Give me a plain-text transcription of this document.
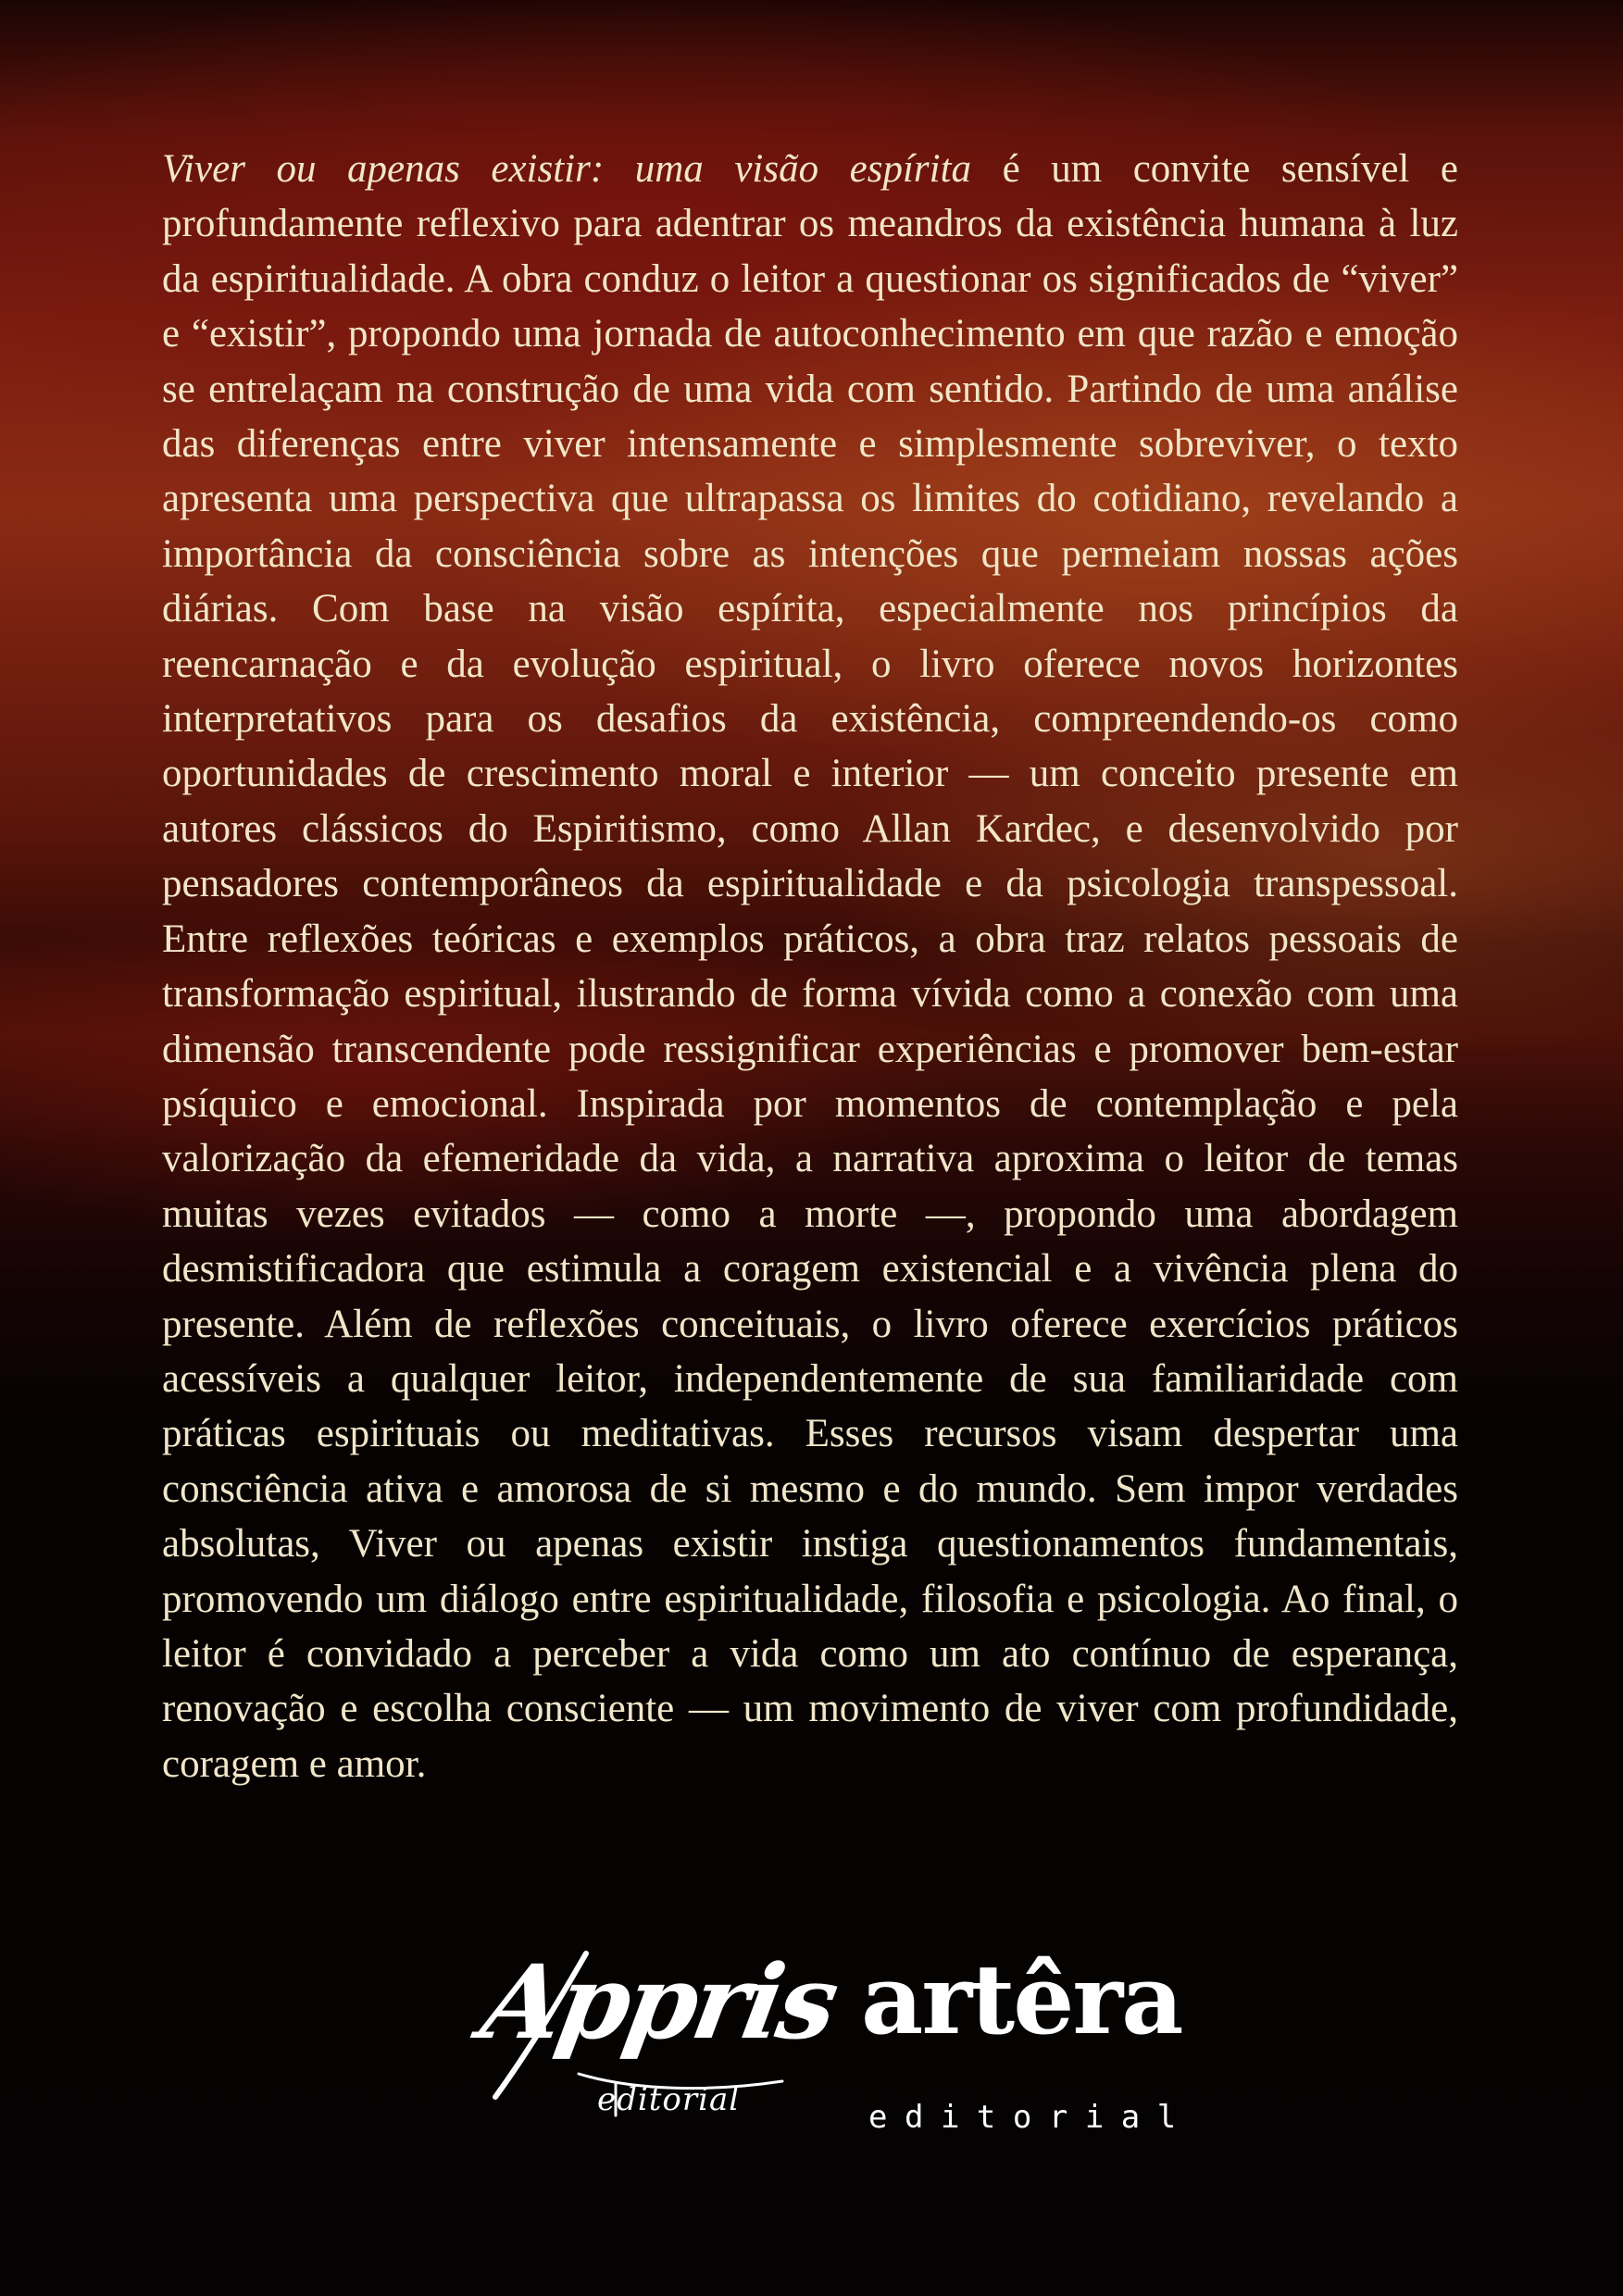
Viver ou apenas existir: uma visão espírita é um convite sensível e profundamente reflexivo para adentrar os meandros da existência humana à luz da espiritualidade. A obra conduz o leitor a questionar os significados de “viver” e “existir”, propondo uma jornada de autoconhecimento em que razão e emoção se entrelaçam na construção de uma vida com sentido. Partindo de uma análise das diferenças entre viver intensamente e simplesmente sobreviver, o texto apresenta uma perspectiva que ultrapassa os limites do cotidiano, revelando a importância da consciência sobre as intenções que permeiam nossas ações diárias. Com base na visão espírita, especialmente nos princípios da reencarnação e da evolução espiritual, o livro oferece novos horizontes interpretativos para os desafios da existência, compreendendo-os como oportunidades de crescimento moral e interior — um conceito presente em autores clássicos do Espiritismo, como Allan Kardec, e desenvolvido por pensadores contemporâneos da espiritualidade e da psicologia transpessoal. Entre reflexões teóricas e exemplos práticos, a obra traz relatos pessoais de transformação espiritual, ilustrando de forma vívida como a conexão com uma dimensão transcendente pode ressignificar experiências e promover bem-estar psíquico e emocional. Inspirada por momentos de contemplação e pela valorização da efemeridade da vida, a narrativa aproxima o leitor de temas muitas vezes evitados — como a morte —, propondo uma abordagem desmistificadora que estimula a coragem existencial e a vivência plena do presente. Além de reflexões conceituais, o livro oferece exercícios práticos acessíveis a qualquer leitor, independentemente de sua familiaridade com práticas espirituais ou meditativas. Esses recursos visam despertar uma consciência ativa e amorosa de si mesmo e do mundo. Sem impor verdades absolutas, Viver ou apenas existir instiga questionamentos fundamentais, promovendo um diálogo entre espiritualidade, filosofia e psicologia. Ao final, o leitor é convidado a perceber a vida como um ato contínuo de esperança, renovação e escolha consciente — um movimento de viver com profundidade, coragem e amor.

Appris
editorial
artêra
editorial
